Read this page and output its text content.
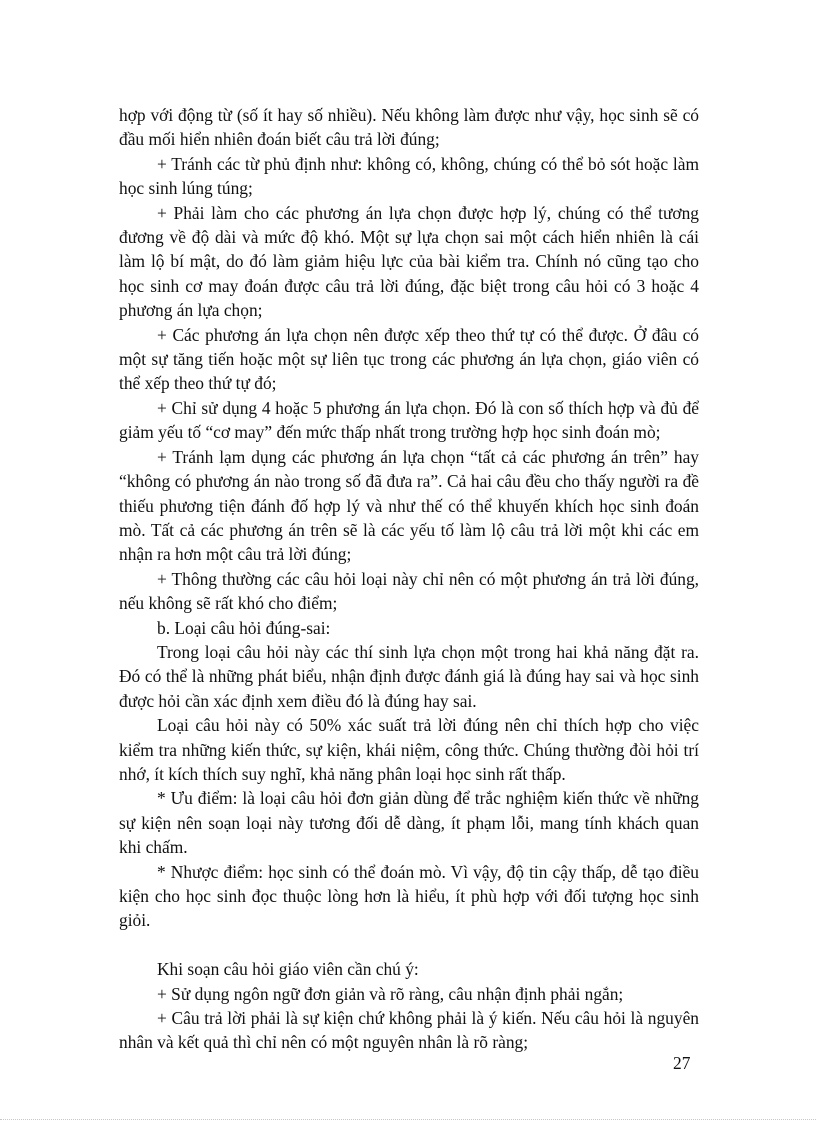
hợp với động từ (số ít hay số nhiều). Nếu không làm được như vậy, học sinh sẽ có đầu mối hiển nhiên đoán biết câu trả lời đúng;

+ Tránh các từ phủ định như: không có, không, chúng có thể bỏ sót hoặc làm học sinh lúng túng;

+ Phải làm cho các phương án lựa chọn được hợp lý, chúng có thể tương đương về độ dài và mức độ khó. Một sự lựa chọn sai một cách hiển nhiên là cái làm lộ bí mật, do đó làm giảm hiệu lực của bài kiểm tra. Chính nó cũng tạo cho học sinh cơ may đoán được câu trả lời đúng, đặc biệt trong câu hỏi có 3 hoặc 4 phương án lựa chọn;

+ Các phương án lựa chọn nên được xếp theo thứ tự có thể được. Ở đâu có một sự tăng tiến hoặc một sự liên tục trong các phương án lựa chọn, giáo viên có thể xếp theo thứ tự đó;

+ Chỉ sử dụng 4 hoặc 5 phương án lựa chọn. Đó là con số thích hợp và đủ để giảm yếu tố “cơ may” đến mức thấp nhất trong trường hợp học sinh đoán mò;

+ Tránh lạm dụng các phương án lựa chọn “tất cả các phương án trên” hay “không có phương án nào trong số đã đưa ra”. Cả hai câu đều cho thấy người ra đề thiếu phương tiện đánh đố hợp lý và như thế có thể khuyến khích học sinh đoán mò. Tất cả các phương án trên sẽ là các yếu tố làm lộ câu trả lời một khi các em nhận ra hơn một câu trả lời đúng;

+ Thông thường các câu hỏi loại này chỉ nên có một phương án trả lời đúng, nếu không sẽ rất khó cho điểm;

b. Loại câu hỏi đúng-sai:

Trong loại câu hỏi này các thí sinh lựa chọn một trong hai khả năng đặt ra. Đó có thể là những phát biểu, nhận định được đánh giá là đúng hay sai và học sinh được hỏi cần xác định xem điều đó là đúng hay sai.

Loại câu hỏi này có 50% xác suất trả lời đúng nên chỉ thích hợp cho việc kiểm tra những kiến thức, sự kiện, khái niệm, công thức. Chúng thường đòi hỏi trí nhớ, ít kích thích suy nghĩ, khả năng phân loại học sinh rất thấp.

* Ưu điểm: là loại câu hỏi đơn giản dùng để trắc nghiệm kiến thức về những sự kiện nên soạn loại này tương đối dễ dàng, ít phạm lỗi, mang tính khách quan khi chấm.

* Nhược điểm: học sinh có thể đoán mò. Vì vậy, độ tin cậy thấp, dễ tạo điều kiện cho học sinh đọc thuộc lòng hơn là hiểu, ít phù hợp với đối tượng học sinh giỏi.

Khi soạn câu hỏi giáo viên cần chú ý:

+ Sử dụng ngôn ngữ đơn giản và rõ ràng, câu nhận định phải ngắn;

+ Câu trả lời phải là sự kiện chứ không phải là ý kiến. Nếu câu hỏi là nguyên nhân và kết quả thì chỉ nên có một nguyên nhân là rõ ràng;

27
